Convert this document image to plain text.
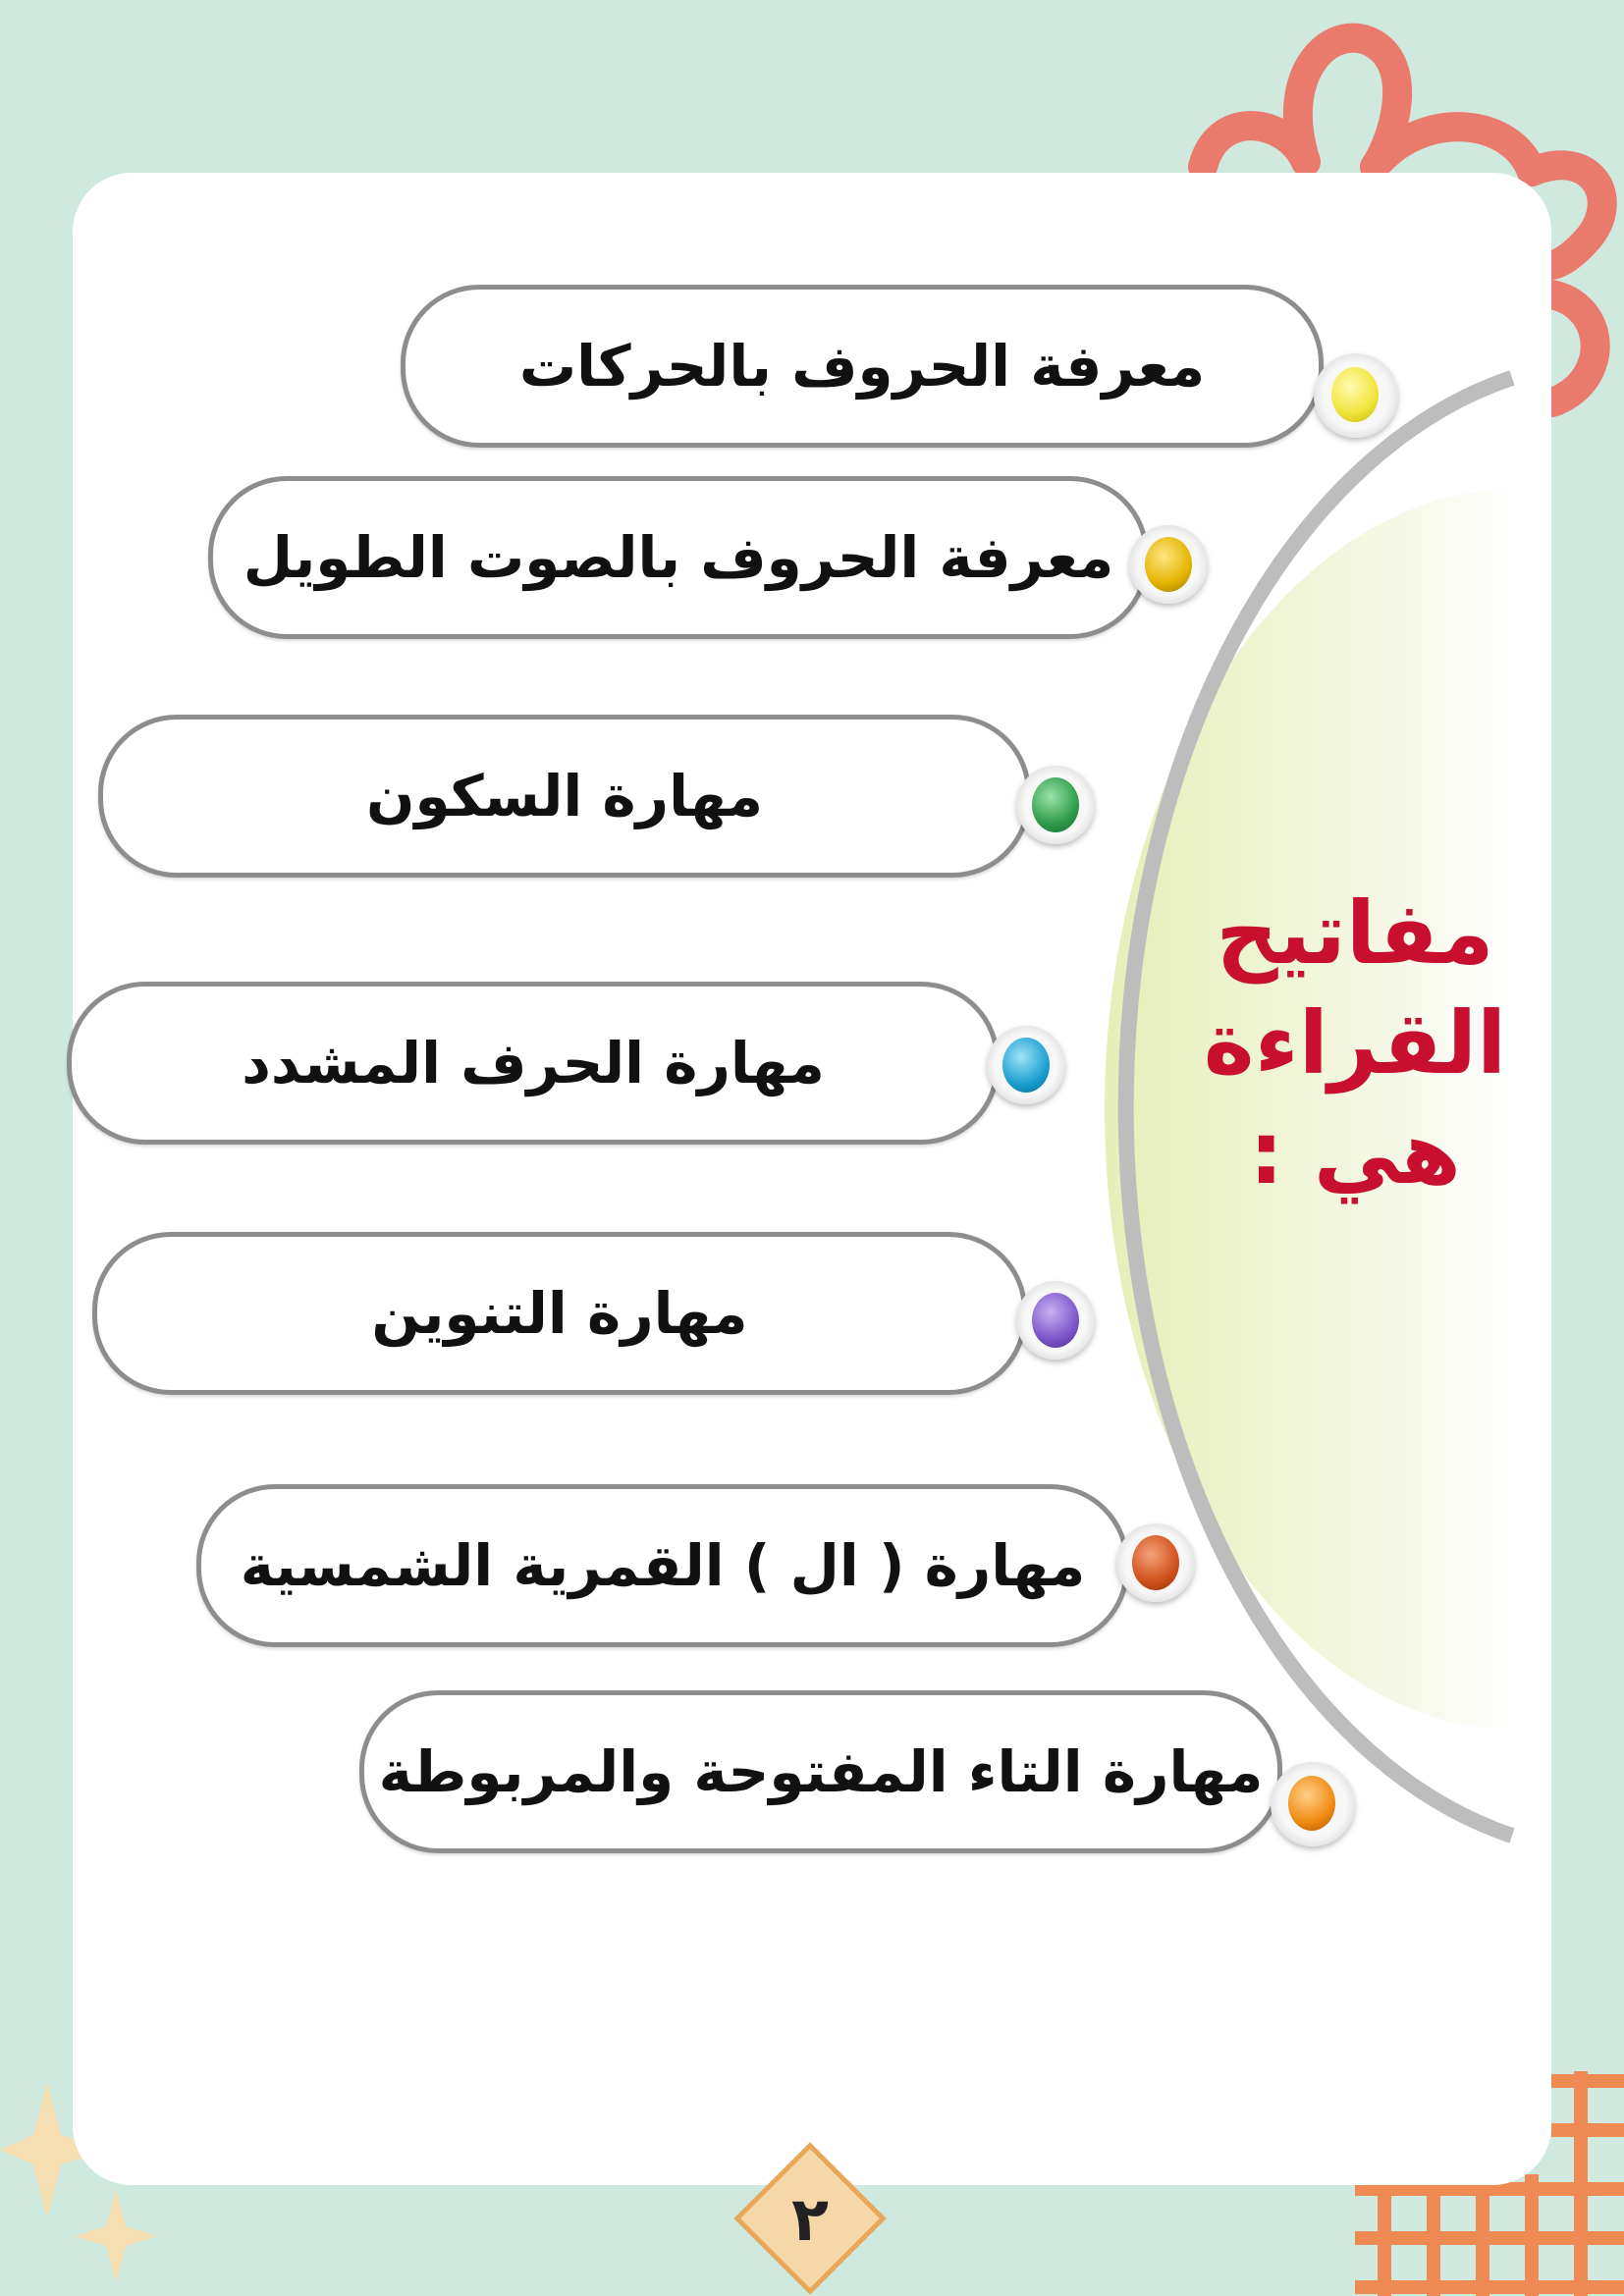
مفاتيح
القراءة
هي :
معرفة الحروف بالحركات
معرفة الحروف بالصوت الطويل
مهارة السكون
مهارة الحرف المشدد
مهارة التنوين
مهارة ( ال ) القمرية الشمسية
مهارة التاء المفتوحة والمربوطة
٢
